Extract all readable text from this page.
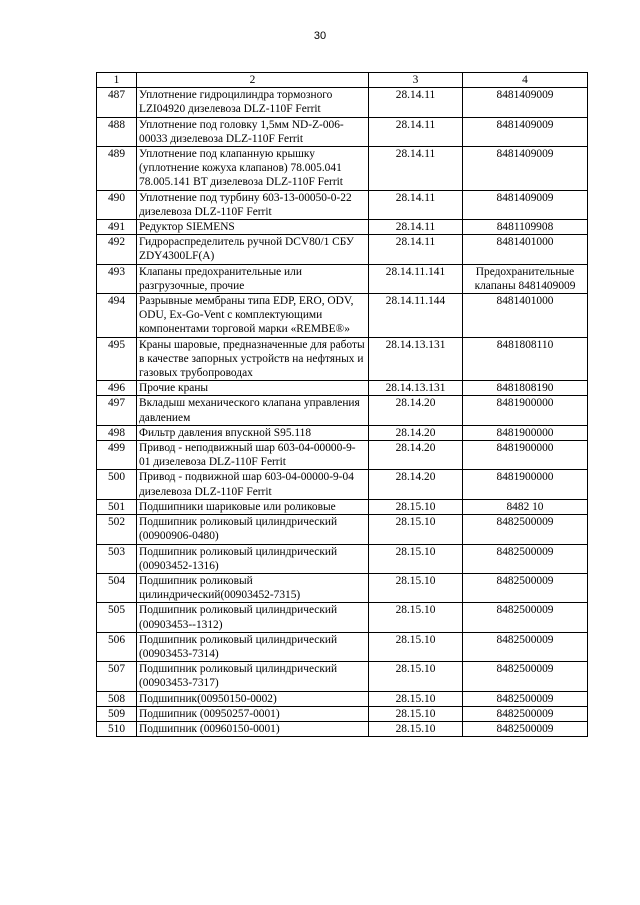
30
1	2	3	4
487	Уплотнение гидроцилиндра тормозного LZI04920 дизелевоза DLZ-110F Ferrit	28.14.11	8481409009
488	Уплотнение под головку 1,5мм ND-Z-006-00033 дизелевоза DLZ-110F Ferrit	28.14.11	8481409009
489	Уплотнение под клапанную крышку (уплотнение кожуха клапанов) 78.005.041 78.005.141 BT дизелевоза DLZ-110F Ferrit	28.14.11	8481409009
490	Уплотнение под турбину 603-13-00050-0-22 дизелевоза DLZ-110F Ferrit	28.14.11	8481409009
491	Редуктор SIEMENS	28.14.11	8481109908
492	Гидрораспределитель ручной DCV80/1 СБУ ZDY4300LF(A)	28.14.11	8481401000
493	Клапаны предохранительные или разгрузочные, прочие	28.14.11.141	Предохранительные клапаны 8481409009
494	Разрывные мембраны типа EDP, ERO, ODV, ODU, Ex-Go-Vent с комплектующими компонентами торговой марки «REMBE®»	28.14.11.144	8481401000
495	Краны шаровые, предназначенные для работы в качестве запорных устройств на нефтяных и газовых трубопроводах	28.14.13.131	8481808110
496	Прочие краны	28.14.13.131	8481808190
497	Вкладыш механического клапана управления давлением	28.14.20	8481900000
498	Фильтр давления впускной S95.118	28.14.20	8481900000
499	Привод - неподвижный шар 603-04-00000-9-01 дизелевоза DLZ-110F Ferrit	28.14.20	8481900000
500	Привод - подвижной шар 603-04-00000-9-04 дизелевоза DLZ-110F Ferrit	28.14.20	8481900000
501	Подшипники шариковые или роликовые	28.15.10	8482 10
502	Подшипник роликовый цилиндрический (00900906-0480)	28.15.10	8482500009
503	Подшипник роликовый цилиндрический (00903452-1316)	28.15.10	8482500009
504	Подшипник роликовый цилиндрический(00903452-7315)	28.15.10	8482500009
505	Подшипник роликовый цилиндрический (00903453--1312)	28.15.10	8482500009
506	Подшипник роликовый цилиндрический (00903453-7314)	28.15.10	8482500009
507	Подшипник роликовый цилиндрический (00903453-7317)	28.15.10	8482500009
508	Подшипник(00950150-0002)	28.15.10	8482500009
509	Подшипник (00950257-0001)	28.15.10	8482500009
510	Подшипник (00960150-0001)	28.15.10	8482500009
